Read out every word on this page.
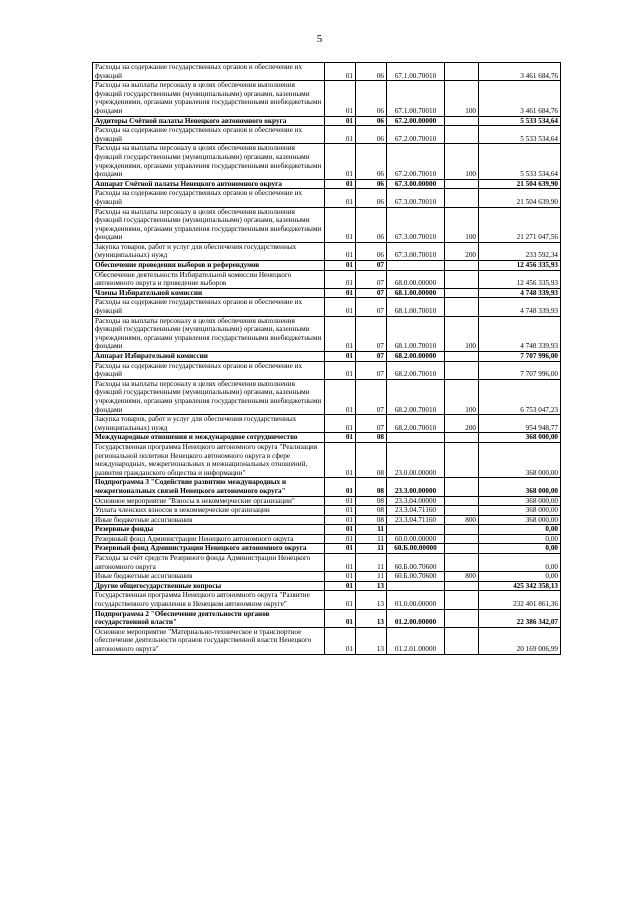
5
Расходы на содержание государственных органов и обеспечение их функций	01	06	67.1.00.70010		3 461 684,76
Расходы на выплаты персоналу в целях обеспечения выполнения функций государственными (муниципальными) органами, казенными учреждениями, органами управления государственными внебюджетными фондами	01	06	67.1.00.70010	100	3 461 684,76
Аудиторы Счётной палаты Ненецкого автономного округа	01	06	67.2.00.00000		5 533 534,64
Расходы на содержание государственных органов и обеспечение их функций	01	06	67.2.00.70010		5 533 534,64
Расходы на выплаты персоналу в целях обеспечения выполнения функций государственными (муниципальными) органами, казенными учреждениями, органами управления государственными внебюджетными фондами	01	06	67.2.00.70010	100	5 533 534,64
Аппарат Счётной палаты Ненецкого автономного округа	01	06	67.3.00.00000		21 504 639,90
Расходы на содержание государственных органов и обеспечение их функций	01	06	67.3.00.70010		21 504 639,90
Расходы на выплаты персоналу в целях обеспечения выполнения функций государственными (муниципальными) органами, казенными учреждениями, органами управления государственными внебюджетными фондами	01	06	67.3.00.70010	100	21 271 047,56
Закупка товаров, работ и услуг для обеспечения государственных (муниципальных) нужд	01	06	67.3.00.70010	200	233 592,34
Обеспечение проведения выборов и референдумов	01	07			12 456 335,93
Обеспечение деятельности Избирательной комиссии Ненецкого автономного округа и проведение выборов	01	07	68.0.00.00000		12 456 335,93
Члены Избирательной комиссии	01	07	68.1.00.00000		4 748 339,93
Расходы на содержание государственных органов и обеспечение их функций	01	07	68.1.00.70010		4 748 339,93
Расходы на выплаты персоналу в целях обеспечения выполнения функций государственными (муниципальными) органами, казенными учреждениями, органами управления государственными внебюджетными фондами	01	07	68.1.00.70010	100	4 748 339,93
Аппарат Избирательной комиссии	01	07	68.2.00.00000		7 707 996,00
Расходы на содержание государственных органов и обеспечение их функций	01	07	68.2.00.70010		7 707 996,00
Расходы на выплаты персоналу в целях обеспечения выполнения функций государственными (муниципальными) органами, казенными учреждениями, органами управления государственными внебюджетными фондами	01	07	68.2.00.70010	100	6 753 047,23
Закупка товаров, работ и услуг для обеспечения государственных (муниципальных) нужд	01	07	68.2.00.70010	200	954 948,77
Международные отношения и международное сотрудничество	01	08			368 000,00
Государственная программа Ненецкого автономного округа "Реализация региональной политики Ненецкого автономного округа в сфере международных, межрегиональных и межнациональных отношений, развития гражданского общества и информации"	01	08	23.0.00.00000		368 000,00
Подпрограмма 3 "Содействие развитию международных и межрегиональных связей Ненецкого автономного округа"	01	08	23.3.00.00000		368 000,00
Основное мероприятие "Взносы в некоммерческие организации"	01	08	23.3.04.00000		368 000,00
Уплата членских взносов в некоммерческие организации	01	08	23.3.04.71160		368 000,00
Иные бюджетные ассигнования	01	08	23.3.04.71160	800	368 000,00
Резервные фонды	01	11			0,00
Резервный фонд Администрации Ненецкого автономного округа	01	11	60.0.00.00000		0,00
Резервный фонд Администрации Ненецкого автономного округа	01	11	60.Б.00.00000		0,00
Расходы за счёт средств Резервного фонда Администрации Ненецкого автономного округа	01	11	60.Б.00.70600		0,00
Иные бюджетные ассигнования	01	11	60.Б.00.70600	800	0,00
Другие общегосударственные вопросы	01	13			425 342 358,13
Государственная программа Ненецкого автономного округа "Развитие государственного управления в Ненецком автономном округе"	01	13	01.0.00.00000		232 401 861,36
Подпрограмма 2 "Обеспечение деятельности органов государственной власти"	01	13	01.2.00.00000		22 386 342,07
Основное мероприятие "Материально-техническое и транспортное обеспечение деятельности органов государственной власти Ненецкого автономного округа"	01	13	01.2.01.00000		20 169 006,99
